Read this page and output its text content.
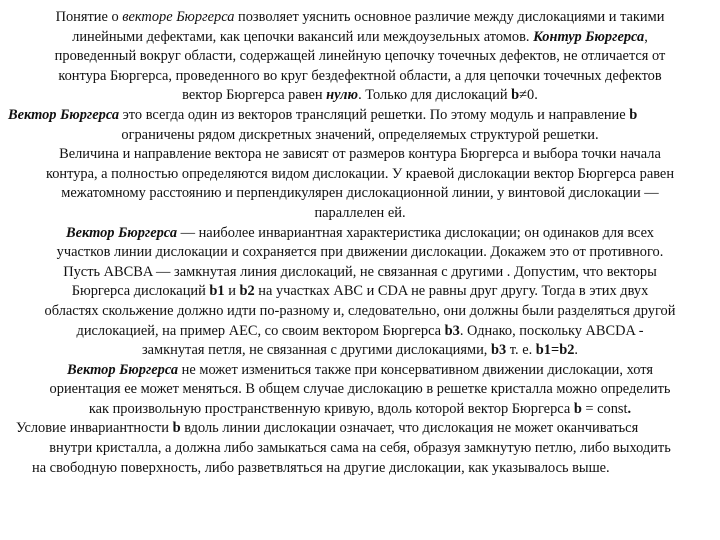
Понятие о векторе Бюргерса позволяет уяснить основное различие между дислокациями и такими
линейными дефектами, как цепочки вакансий или междоузельных атомов. Контур Бюргерса,
проведенный вокруг области, содержащей линейную цепочку точечных дефектов, не отличается от
контура Бюргерса, проведенного во круг бездефектной области, а для цепочки точечных дефектов
вектор Бюргерса равен нулю. Только для дислокаций b≠0.
Вектор Бюргерса это всегда один из векторов трансляций решетки. По этому модуль и направление b
ограничены рядом дискретных значений, определяемых структурой решетки.
Величина и направление вектора не зависят от размеров контура Бюргерса и выбора точки начала
контура, а полностью определяются видом дислокации. У краевой дислокации вектор Бюргерса равен
межатомному расстоянию и перпендикулярен дислокационной линии, у винтовой дислокации —
параллелен ей.
Вектор Бюргерса — наиболее инвариантная характеристика дислокации; он одинаков для всех
участков линии дислокации и сохраняется при движении дислокации. Докажем это от противного.
Пусть ABCBA — замкнутая линия дислокаций, не связанная с другими . Допустим, что векторы
Бюргерса дислокаций b1 и b2 на участках ABC и CDA не равны друг другу. Тогда в этих двух
областях скольжение должно идти по-разному и, следовательно, они должны были разделяться другой
дислокацией, на пример AEC, со своим вектором Бюргерса b3. Однако, поскольку ABCDA -
замкнутая петля, не связанная с другими дислокациями, b3 т. е. b1=b2.
Вектор Бюргерса не может измениться также при консервативном движении дислокации, хотя
ориентация ее может меняться. В общем случае дислокацию в решетке кристалла можно определить
как произвольную пространственную кривую, вдоль которой вектор Бюргерса b = const.
Условие инвариантности b вдоль линии дислокации означает, что дислокация не может оканчиваться
внутри кристалла, а должна либо замыкаться сама на себя, образуя замкнутую петлю, либо выходить
на свободную поверхность, либо разветвляться на другие дислокации, как указывалось выше.
